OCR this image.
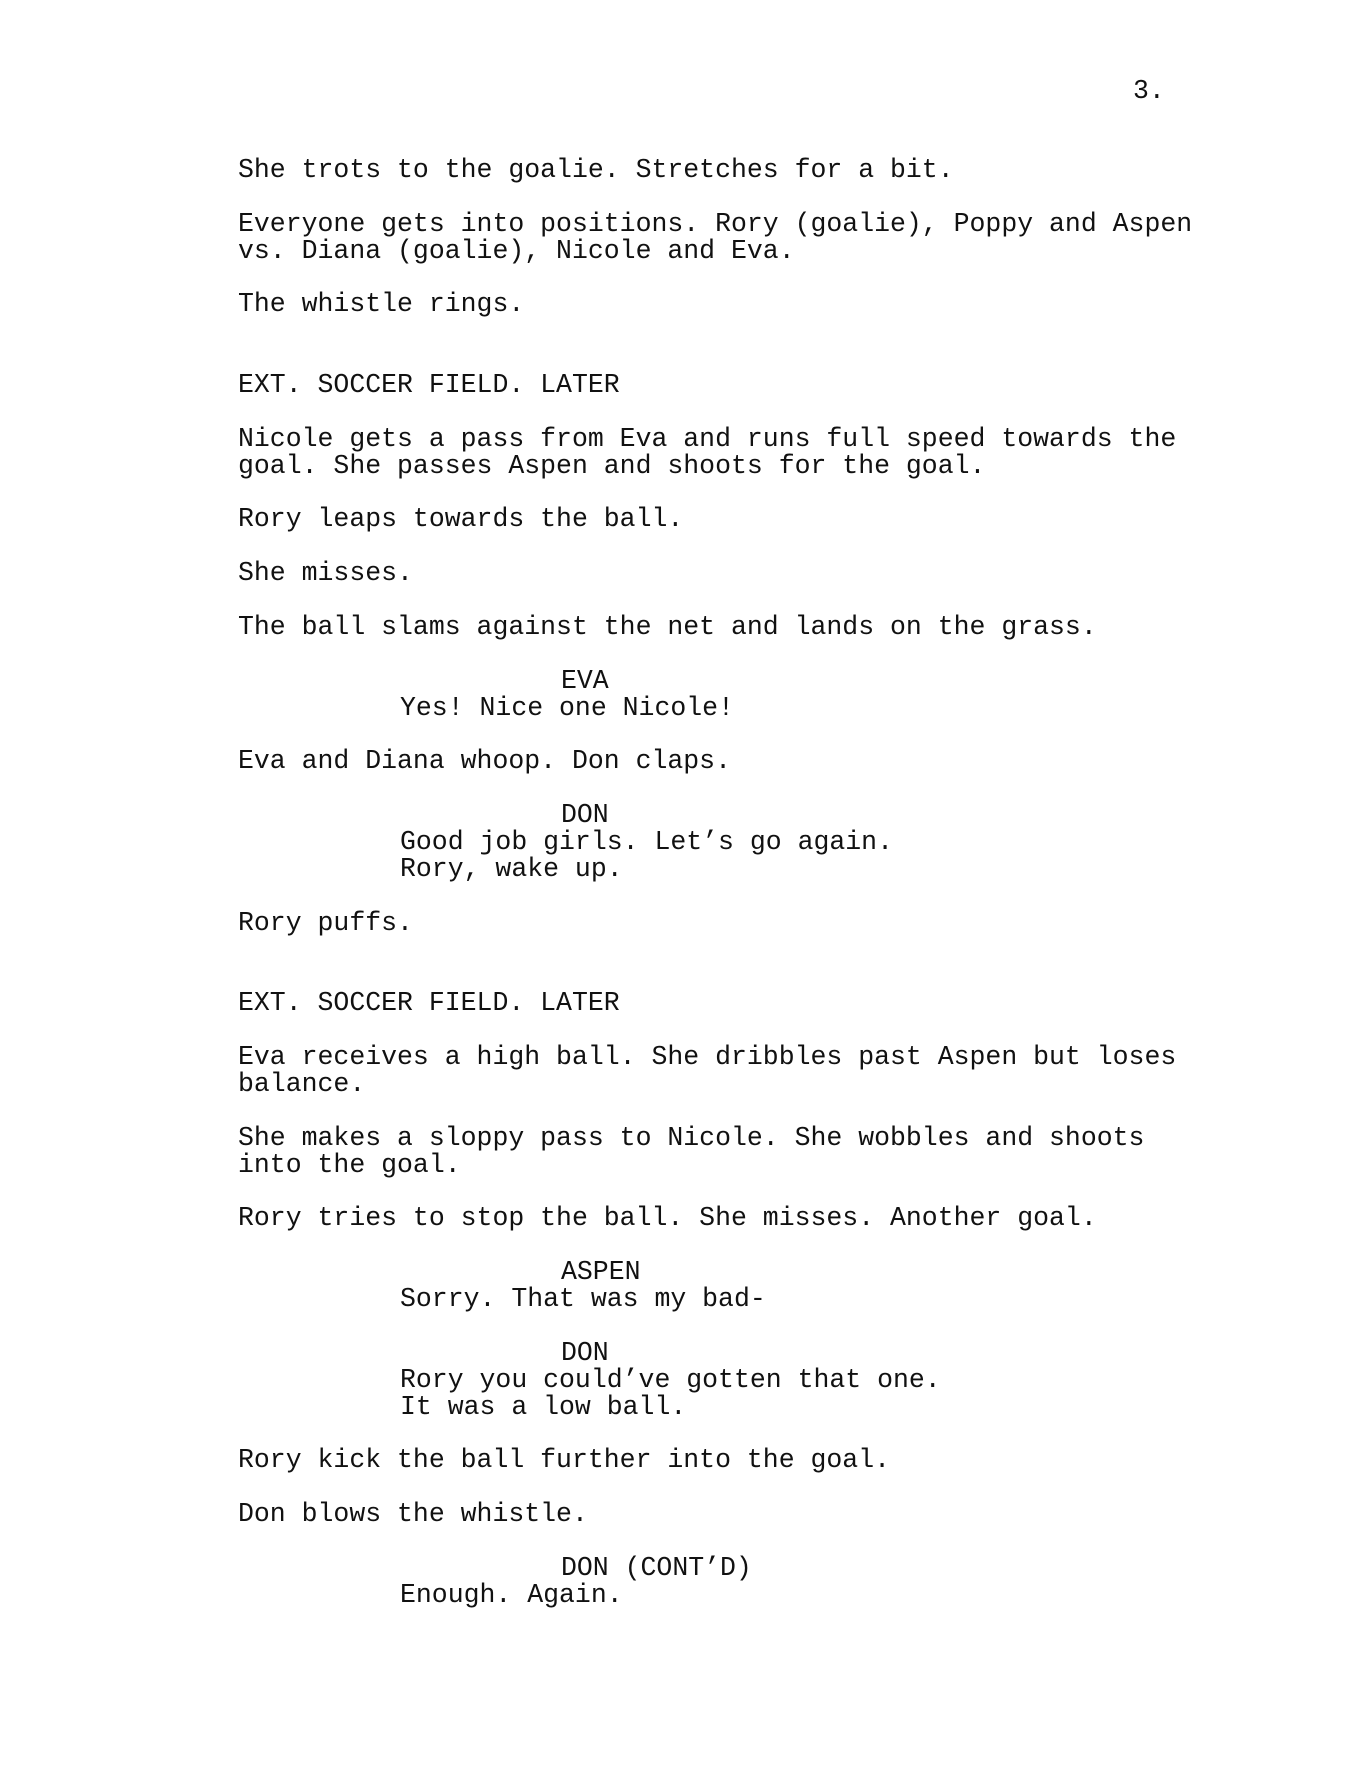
3.
She trots to the goalie. Stretches for a bit.
Everyone gets into positions. Rory (goalie), Poppy and Aspen
vs. Diana (goalie), Nicole and Eva.
The whistle rings.
EXT. SOCCER FIELD. LATER
Nicole gets a pass from Eva and runs full speed towards the
goal. She passes Aspen and shoots for the goal.
Rory leaps towards the ball.
She misses.
The ball slams against the net and lands on the grass.
EVA
Yes! Nice one Nicole!
Eva and Diana whoop. Don claps.
DON
Good job girls. Let’s go again.
Rory, wake up.
Rory puffs.
EXT. SOCCER FIELD. LATER
Eva receives a high ball. She dribbles past Aspen but loses
balance.
She makes a sloppy pass to Nicole. She wobbles and shoots
into the goal.
Rory tries to stop the ball. She misses. Another goal.
ASPEN
Sorry. That was my bad-
DON
Rory you could’ve gotten that one.
It was a low ball.
Rory kick the ball further into the goal.
Don blows the whistle.
DON (CONT’D)
Enough. Again.
